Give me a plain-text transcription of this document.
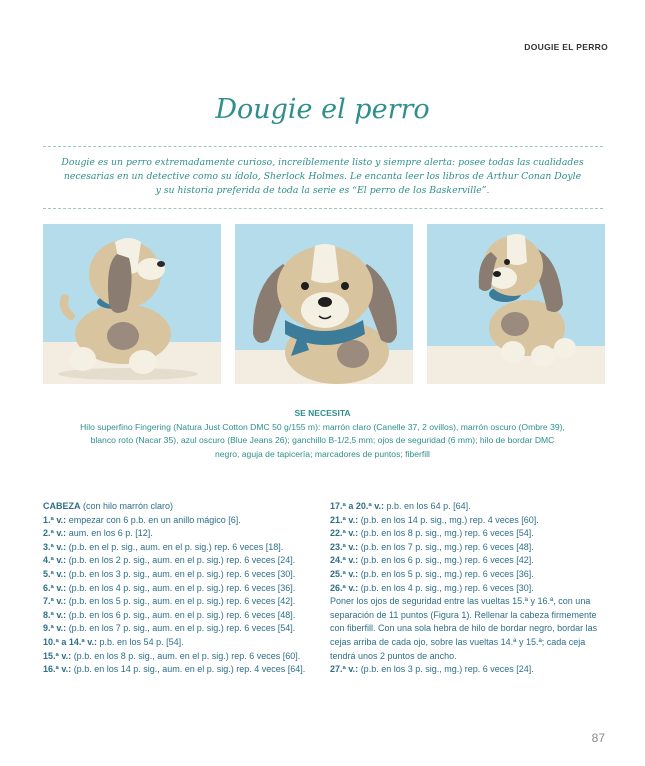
DOUGIE EL PERRO
Dougie el perro
Dougie es un perro extremadamente curioso, increíblemente listo y siempre alerta: posee todas las cualidades necesarias en un detective como su ídolo, Sherlock Holmes. Le encanta leer los libros de Arthur Conan Doyle y su historia preferida de toda la serie es “El perro de los Baskerville”.
SE NECESITA
Hilo superfino Fingering (Natura Just Cotton DMC 50 g/155 m): marrón claro (Canelle 37, 2 ovillos), marrón oscuro (Ombre 39), blanco roto (Nacar 35), azul oscuro (Blue Jeans 26); ganchillo B-1/2,5 mm; ojos de seguridad (6 mm); hilo de bordar DMC negro, aguja de tapicería; marcadores de puntos; fiberfill
CABEZA (con hilo marrón claro)
1.ª v.: empezar con 6 p.b. en un anillo mágico [6].
2.ª v.: aum. en los 6 p. [12].
3.ª v.: (p.b. en el p. sig., aum. en el p. sig.) rep. 6 veces [18].
4.ª v.: (p.b. en los 2 p. sig., aum. en el p. sig.) rep. 6 veces [24].
5.ª v.: (p.b. en los 3 p. sig., aum. en el p. sig.) rep. 6 veces [30].
6.ª v.: (p.b. en los 4 p. sig., aum. en el p. sig.) rep. 6 veces [36].
7.ª v.: (p.b. en los 5 p. sig., aum. en el p. sig.) rep. 6 veces [42].
8.ª v.: (p.b. en los 6 p. sig., aum. en el p. sig.) rep. 6 veces [48].
9.ª v.: (p.b. en los 7 p. sig., aum. en el p. sig.) rep. 6 veces [54].
10.ª a 14.ª v.: p.b. en los 54 p. [54].
15.ª v.: (p.b. en los 8 p. sig., aum. en el p. sig.) rep. 6 veces [60].
16.ª v.: (p.b. en los 14 p. sig., aum. en el p. sig.) rep. 4 veces [64].
17.ª a 20.ª v.: p.b. en los 64 p. [64].
21.ª v.: (p.b. en los 14 p. sig., mg.) rep. 4 veces [60].
22.ª v.: (p.b. en los 8 p. sig., mg.) rep. 6 veces [54].
23.ª v.: (p.b. en los 7 p. sig., mg.) rep. 6 veces [48].
24.ª v.: (p.b. en los 6 p. sig., mg.) rep. 6 veces [42].
25.ª v.: (p.b. en los 5 p. sig., mg.) rep. 6 veces [36].
26.ª v.: (p.b. en los 4 p. sig., mg.) rep. 6 veces [30].
Poner los ojos de seguridad entre las vueltas 15.ª y 16.ª, con una separación de 11 puntos (Figura 1). Rellenar la cabeza firmemente con fiberfill. Con una sola hebra de hilo de bordar negro, bordar las cejas arriba de cada ojo, sobre las vueltas 14.ª y 15.ª; cada ceja tendrá unos 2 puntos de ancho.
27.ª v.: (p.b. en los 3 p. sig., mg.) rep. 6 veces [24].
87
